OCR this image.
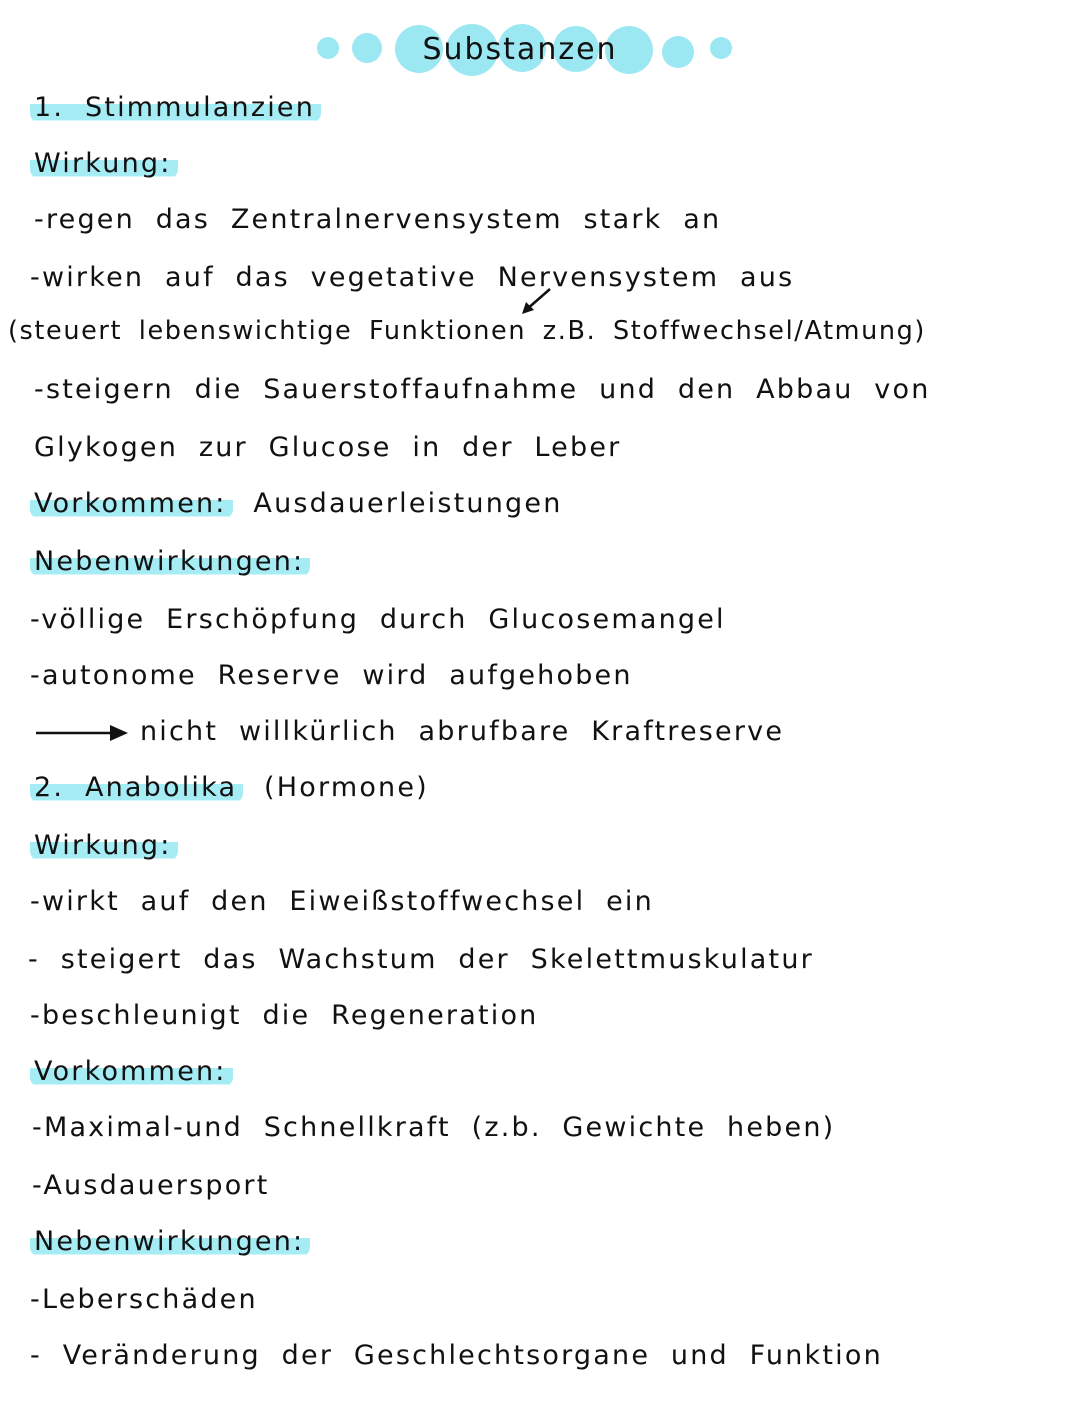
Substanzen
1. Stimmulanzien
Wirkung:
-regen das Zentralnervensystem stark an
-wirken auf das vegetative Nervensystem aus
(steuert lebenswichtige Funktionen z.B. Stoffwechsel/Atmung)
-steigern die Sauerstoffaufnahme und den Abbau von
Glykogen zur Glucose in der Leber
Vorkommen: Ausdauerleistungen
Nebenwirkungen:
-völlige Erschöpfung durch Glucosemangel
-autonome Reserve wird aufgehoben
nicht willkürlich abrufbare Kraftreserve
2. Anabolika (Hormone)
Wirkung:
-wirkt auf den Eiweißstoffwechsel ein
- steigert das Wachstum der Skelettmuskulatur
-beschleunigt die Regeneration
Vorkommen:
-Maximal-und Schnellkraft (z.b. Gewichte heben)
-Ausdauersport
Nebenwirkungen:
-Leberschäden
- Veränderung der Geschlechtsorgane und Funktion
